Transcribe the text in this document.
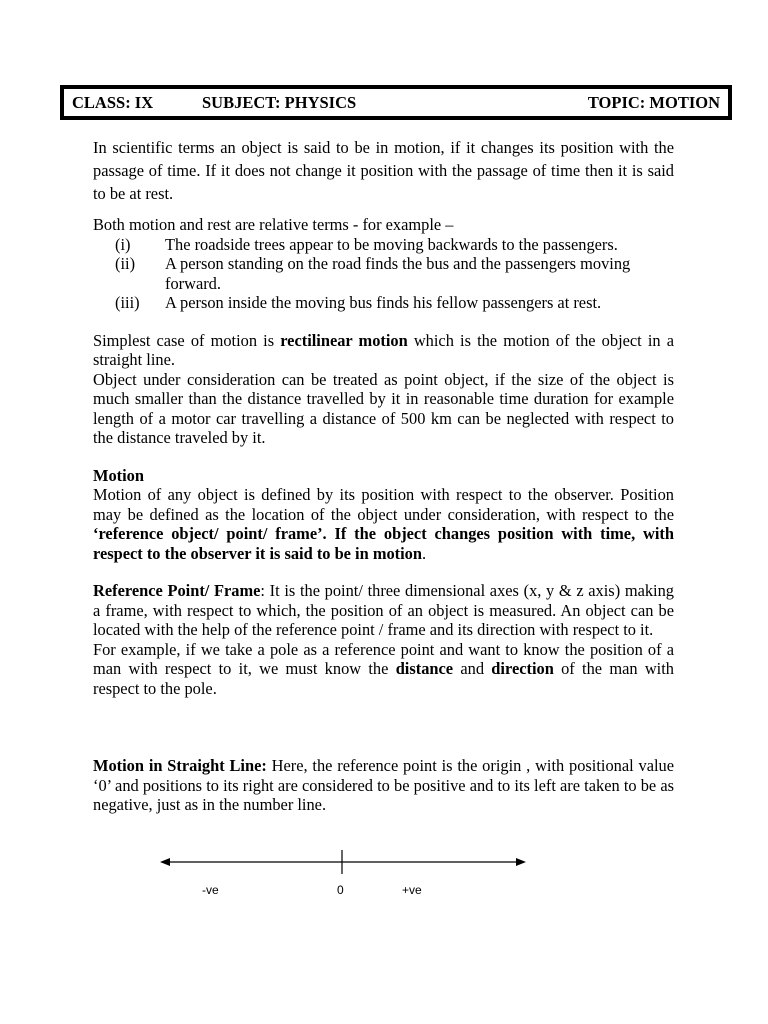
CLASS: IX	SUBJECT: PHYSICS	TOPIC: MOTION

In scientific terms an object is said to be in motion, if it changes its position with the passage of time. If it does not change it position with the passage of time then it is said to be at rest.

Both motion and rest are relative terms - for example –

(i)	The roadside trees appear to be moving backwards to the passengers.
(ii)	A person standing on the road finds the bus and the passengers moving forward.
(iii)	A person inside the moving bus finds his fellow passengers at rest.

Simplest case of motion is rectilinear motion which is the motion of the object in a straight line.

Object under consideration can be treated as point object, if the size of the object is much smaller than the distance travelled by it in reasonable time duration for example length of a motor car travelling a distance of 500 km can be neglected with respect to the distance traveled by it.

Motion

Motion of any object is defined by its position with respect to the observer. Position may be defined as the location of the object under consideration, with respect to the ‘reference object/ point/ frame’. If the object changes position with time, with respect to the observer it is said to be in motion.

Reference Point/ Frame: It is the point/ three dimensional axes (x, y & z axis) making a frame, with respect to which, the position of an object is measured. An object can be located with the help of the reference point / frame and its direction with respect to it.

For example, if we take a pole as a reference point and want to know the position of a man with respect to it, we must know the distance and direction of the man with respect to the pole.

Motion in Straight Line: Here, the reference point is the origin , with positional value ‘0’ and positions to its right are considered to be positive and to its left are taken to be as negative, just as in the number line.

-ve	0	+ve
